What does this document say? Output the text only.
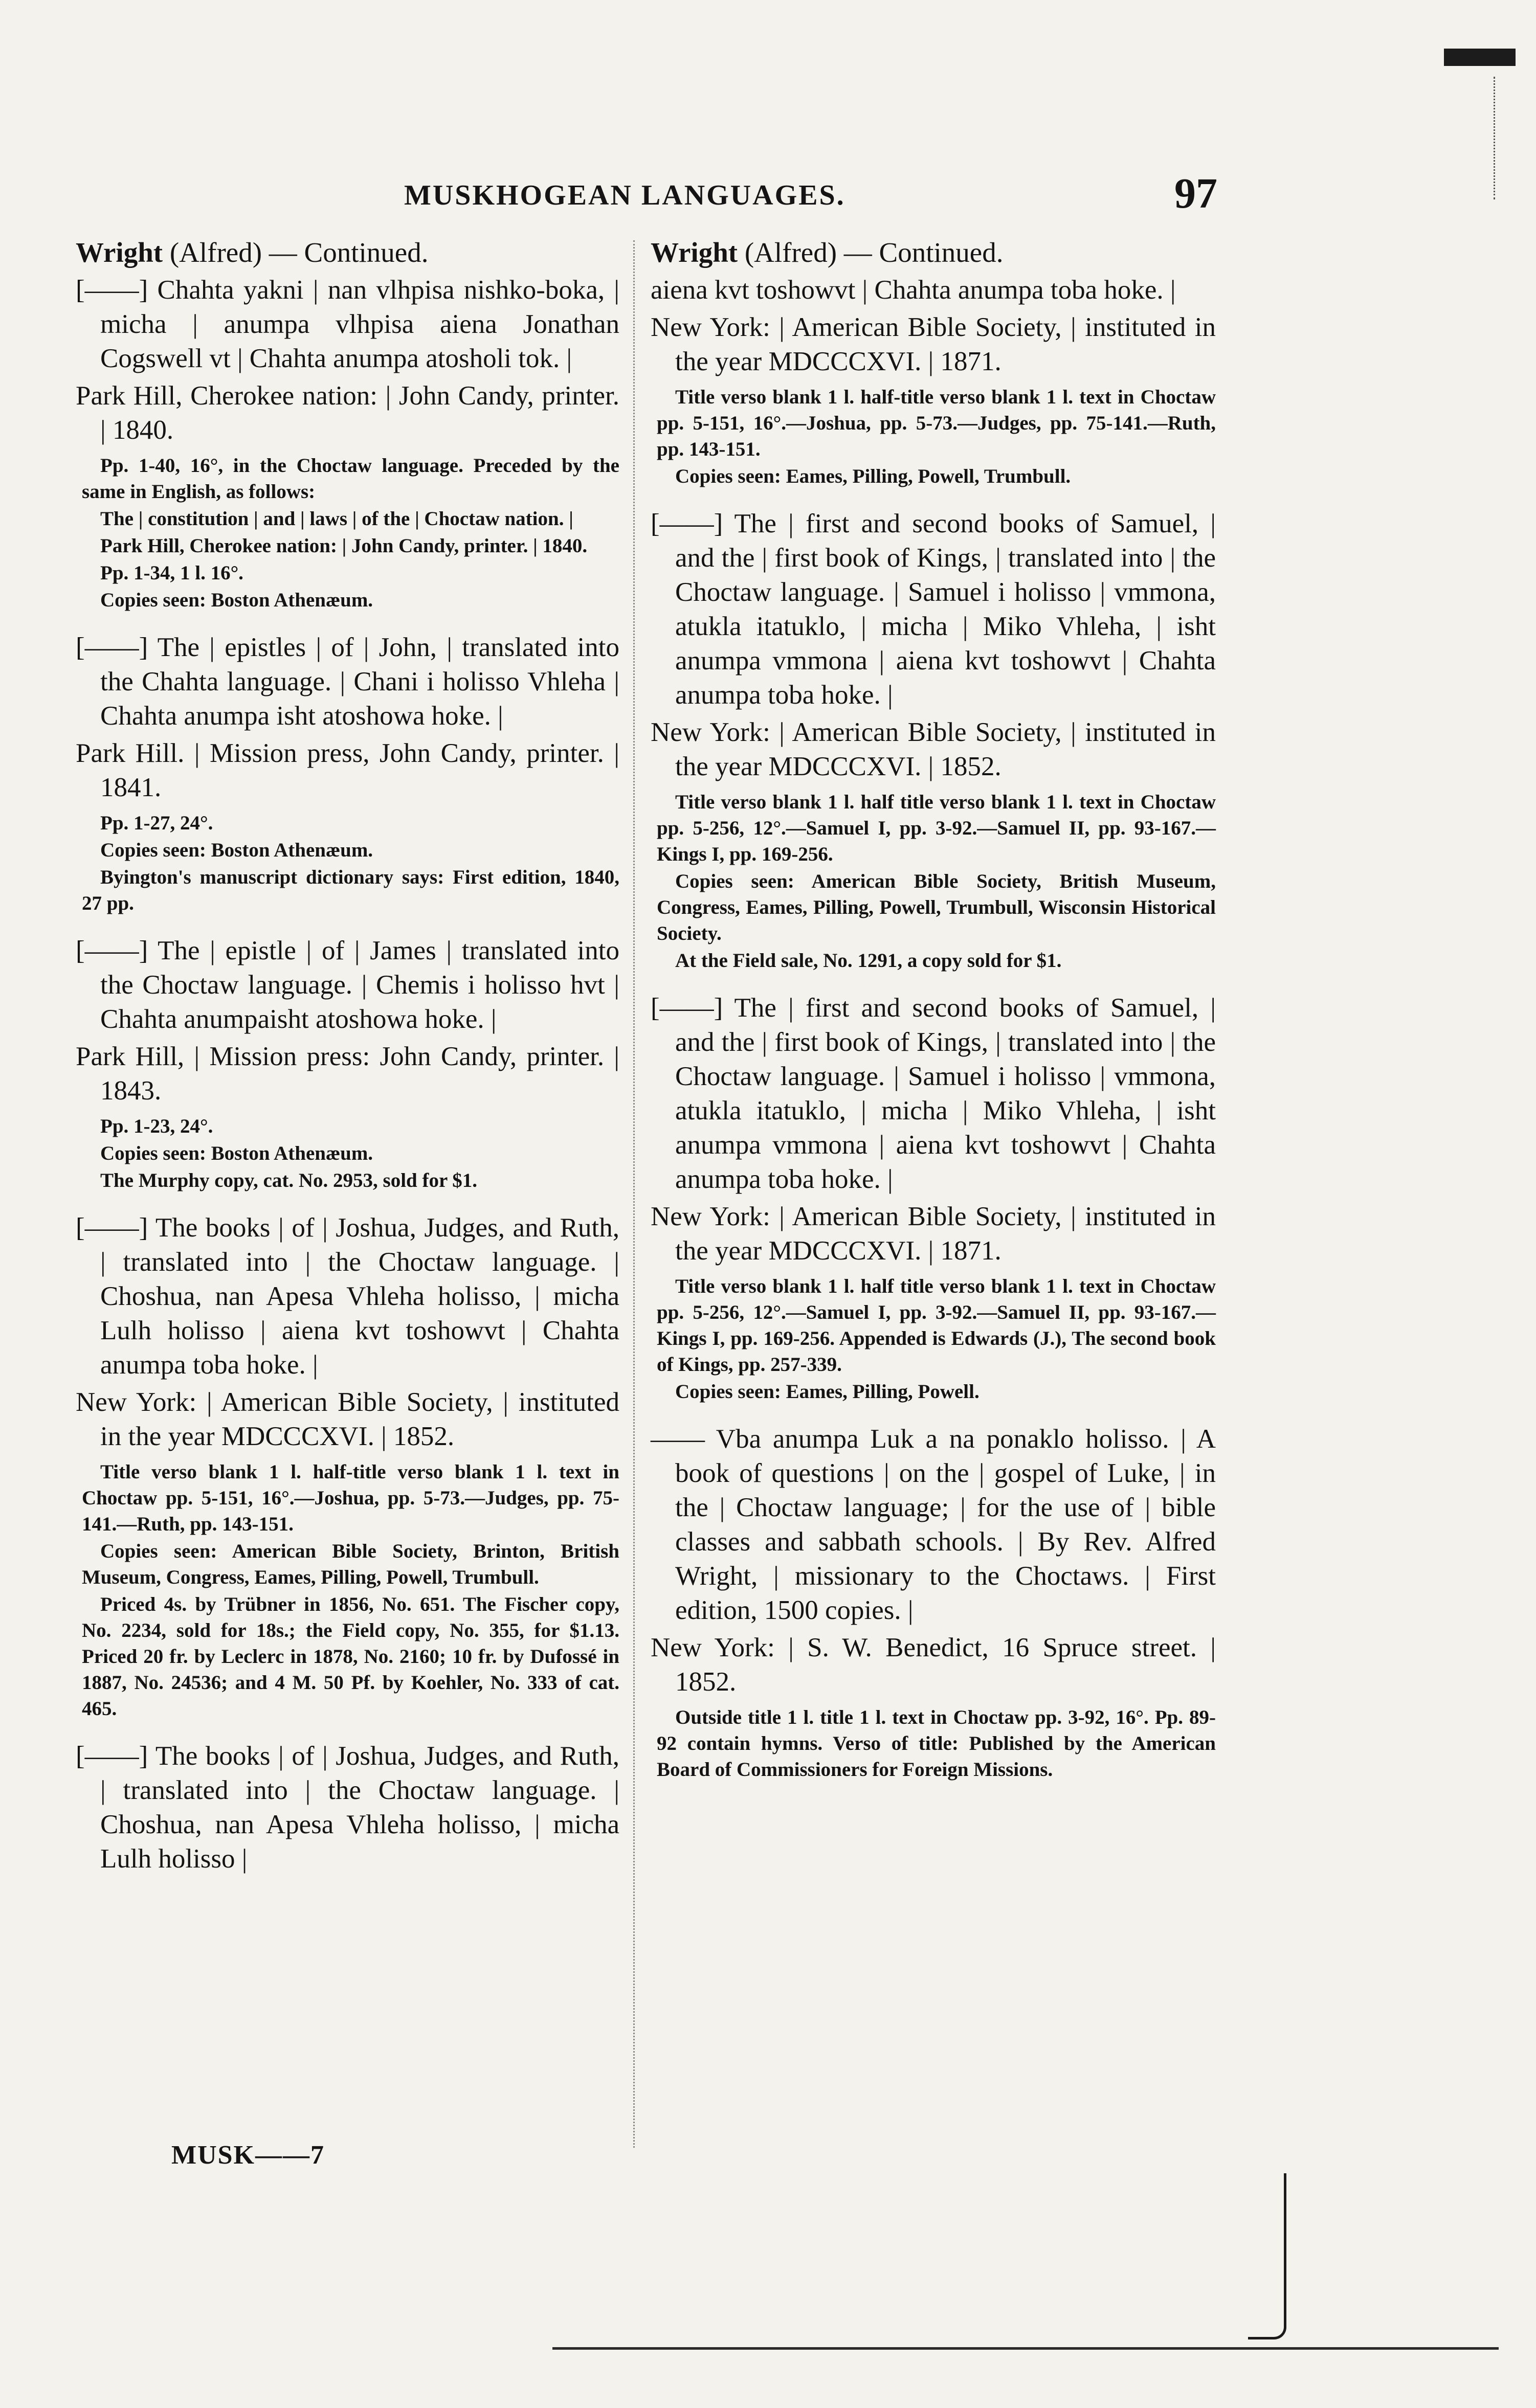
MUSKHOGEAN LANGUAGES.	97

Wright (Alfred) — Continued.

[——] Chahta yakni | nan vlhpisa nishko-boka, | micha | anumpa vlhpisa aiena Jonathan Cogswell vt | Chahta anumpa atosholi tok. |

Park Hill, Cherokee nation: | John Candy, printer. | 1840.

Pp. 1-40, 16°, in the Choctaw language. Preceded by the same in English, as follows:

The | constitution | and | laws | of the | Choctaw nation. |

Park Hill, Cherokee nation: | John Candy, printer. | 1840.

Pp. 1-34, 1 l. 16°.

Copies seen: Boston Athenæum.

[——] The | epistles | of | John, | translated into the Chahta language. | Chani i holisso Vhleha | Chahta anumpa isht atoshowa hoke. |

Park Hill. | Mission press, John Candy, printer. | 1841.

Pp. 1-27, 24°.

Copies seen: Boston Athenæum.

Byington's manuscript dictionary says: First edition, 1840, 27 pp.

[——] The | epistle | of | James | translated into the Choctaw language. | Chemis i holisso hvt | Chahta anumpaisht atoshowa hoke. |

Park Hill, | Mission press: John Candy, printer. | 1843.

Pp. 1-23, 24°.

Copies seen: Boston Athenæum.

The Murphy copy, cat. No. 2953, sold for $1.

[——] The books | of | Joshua, Judges, and Ruth, | translated into | the Choctaw language. | Choshua, nan Apesa Vhleha holisso, | micha Lulh holisso | aiena kvt toshowvt | Chahta anumpa toba hoke. |

New York: | American Bible Society, | instituted in the year MDCCCXVI. | 1852.

Title verso blank 1 l. half-title verso blank 1 l. text in Choctaw pp. 5-151, 16°.—Joshua, pp. 5-73.—Judges, pp. 75-141.—Ruth, pp. 143-151.

Copies seen: American Bible Society, Brinton, British Museum, Congress, Eames, Pilling, Powell, Trumbull.

Priced 4s. by Trübner in 1856, No. 651. The Fischer copy, No. 2234, sold for 18s.; the Field copy, No. 355, for $1.13. Priced 20 fr. by Leclerc in 1878, No. 2160; 10 fr. by Dufossé in 1887, No. 24536; and 4 M. 50 Pf. by Koehler, No. 333 of cat. 465.

[——] The books | of | Joshua, Judges, and Ruth, | translated into | the Choctaw language. | Choshua, nan Apesa Vhleha holisso, | micha Lulh holisso |

MUSK——7

Wright (Alfred) — Continued.

aiena kvt toshowvt | Chahta anumpa toba hoke. |

New York: | American Bible Society, | instituted in the year MDCCCXVI. | 1871.

Title verso blank 1 l. half-title verso blank 1 l. text in Choctaw pp. 5-151, 16°.—Joshua, pp. 5-73.—Judges, pp. 75-141.—Ruth, pp. 143-151.

Copies seen: Eames, Pilling, Powell, Trumbull.

[——] The | first and second books of Samuel, | and the | first book of Kings, | translated into | the Choctaw language. | Samuel i holisso | vmmona, atukla itatuklo, | micha | Miko Vhleha, | isht anumpa vmmona | aiena kvt toshowvt | Chahta anumpa toba hoke. |

New York: | American Bible Society, | instituted in the year MDCCCXVI. | 1852.

Title verso blank 1 l. half title verso blank 1 l. text in Choctaw pp. 5-256, 12°.—Samuel I, pp. 3-92.—Samuel II, pp. 93-167.—Kings I, pp. 169-256.

Copies seen: American Bible Society, British Museum, Congress, Eames, Pilling, Powell, Trumbull, Wisconsin Historical Society.

At the Field sale, No. 1291, a copy sold for $1.

[——] The | first and second books of Samuel, | and the | first book of Kings, | translated into | the Choctaw language. | Samuel i holisso | vmmona, atukla itatuklo, | micha | Miko Vhleha, | isht anumpa vmmona | aiena kvt toshowvt | Chahta anumpa toba hoke. |

New York: | American Bible Society, | instituted in the year MDCCCXVI. | 1871.

Title verso blank 1 l. half title verso blank 1 l. text in Choctaw pp. 5-256, 12°.—Samuel I, pp. 3-92.—Samuel II, pp. 93-167.—Kings I, pp. 169-256. Appended is Edwards (J.), The second book of Kings, pp. 257-339.

Copies seen: Eames, Pilling, Powell.

—— Vba anumpa Luk a na ponaklo holisso. | A book of questions | on the | gospel of Luke, | in the | Choctaw language; | for the use of | bible classes and sabbath schools. | By Rev. Alfred Wright, | missionary to the Choctaws. | First edition, 1500 copies. |

New York: | S. W. Benedict, 16 Spruce street. | 1852.

Outside title 1 l. title 1 l. text in Choctaw pp. 3-92, 16°. Pp. 89-92 contain hymns. Verso of title: Published by the American Board of Commissioners for Foreign Missions.
